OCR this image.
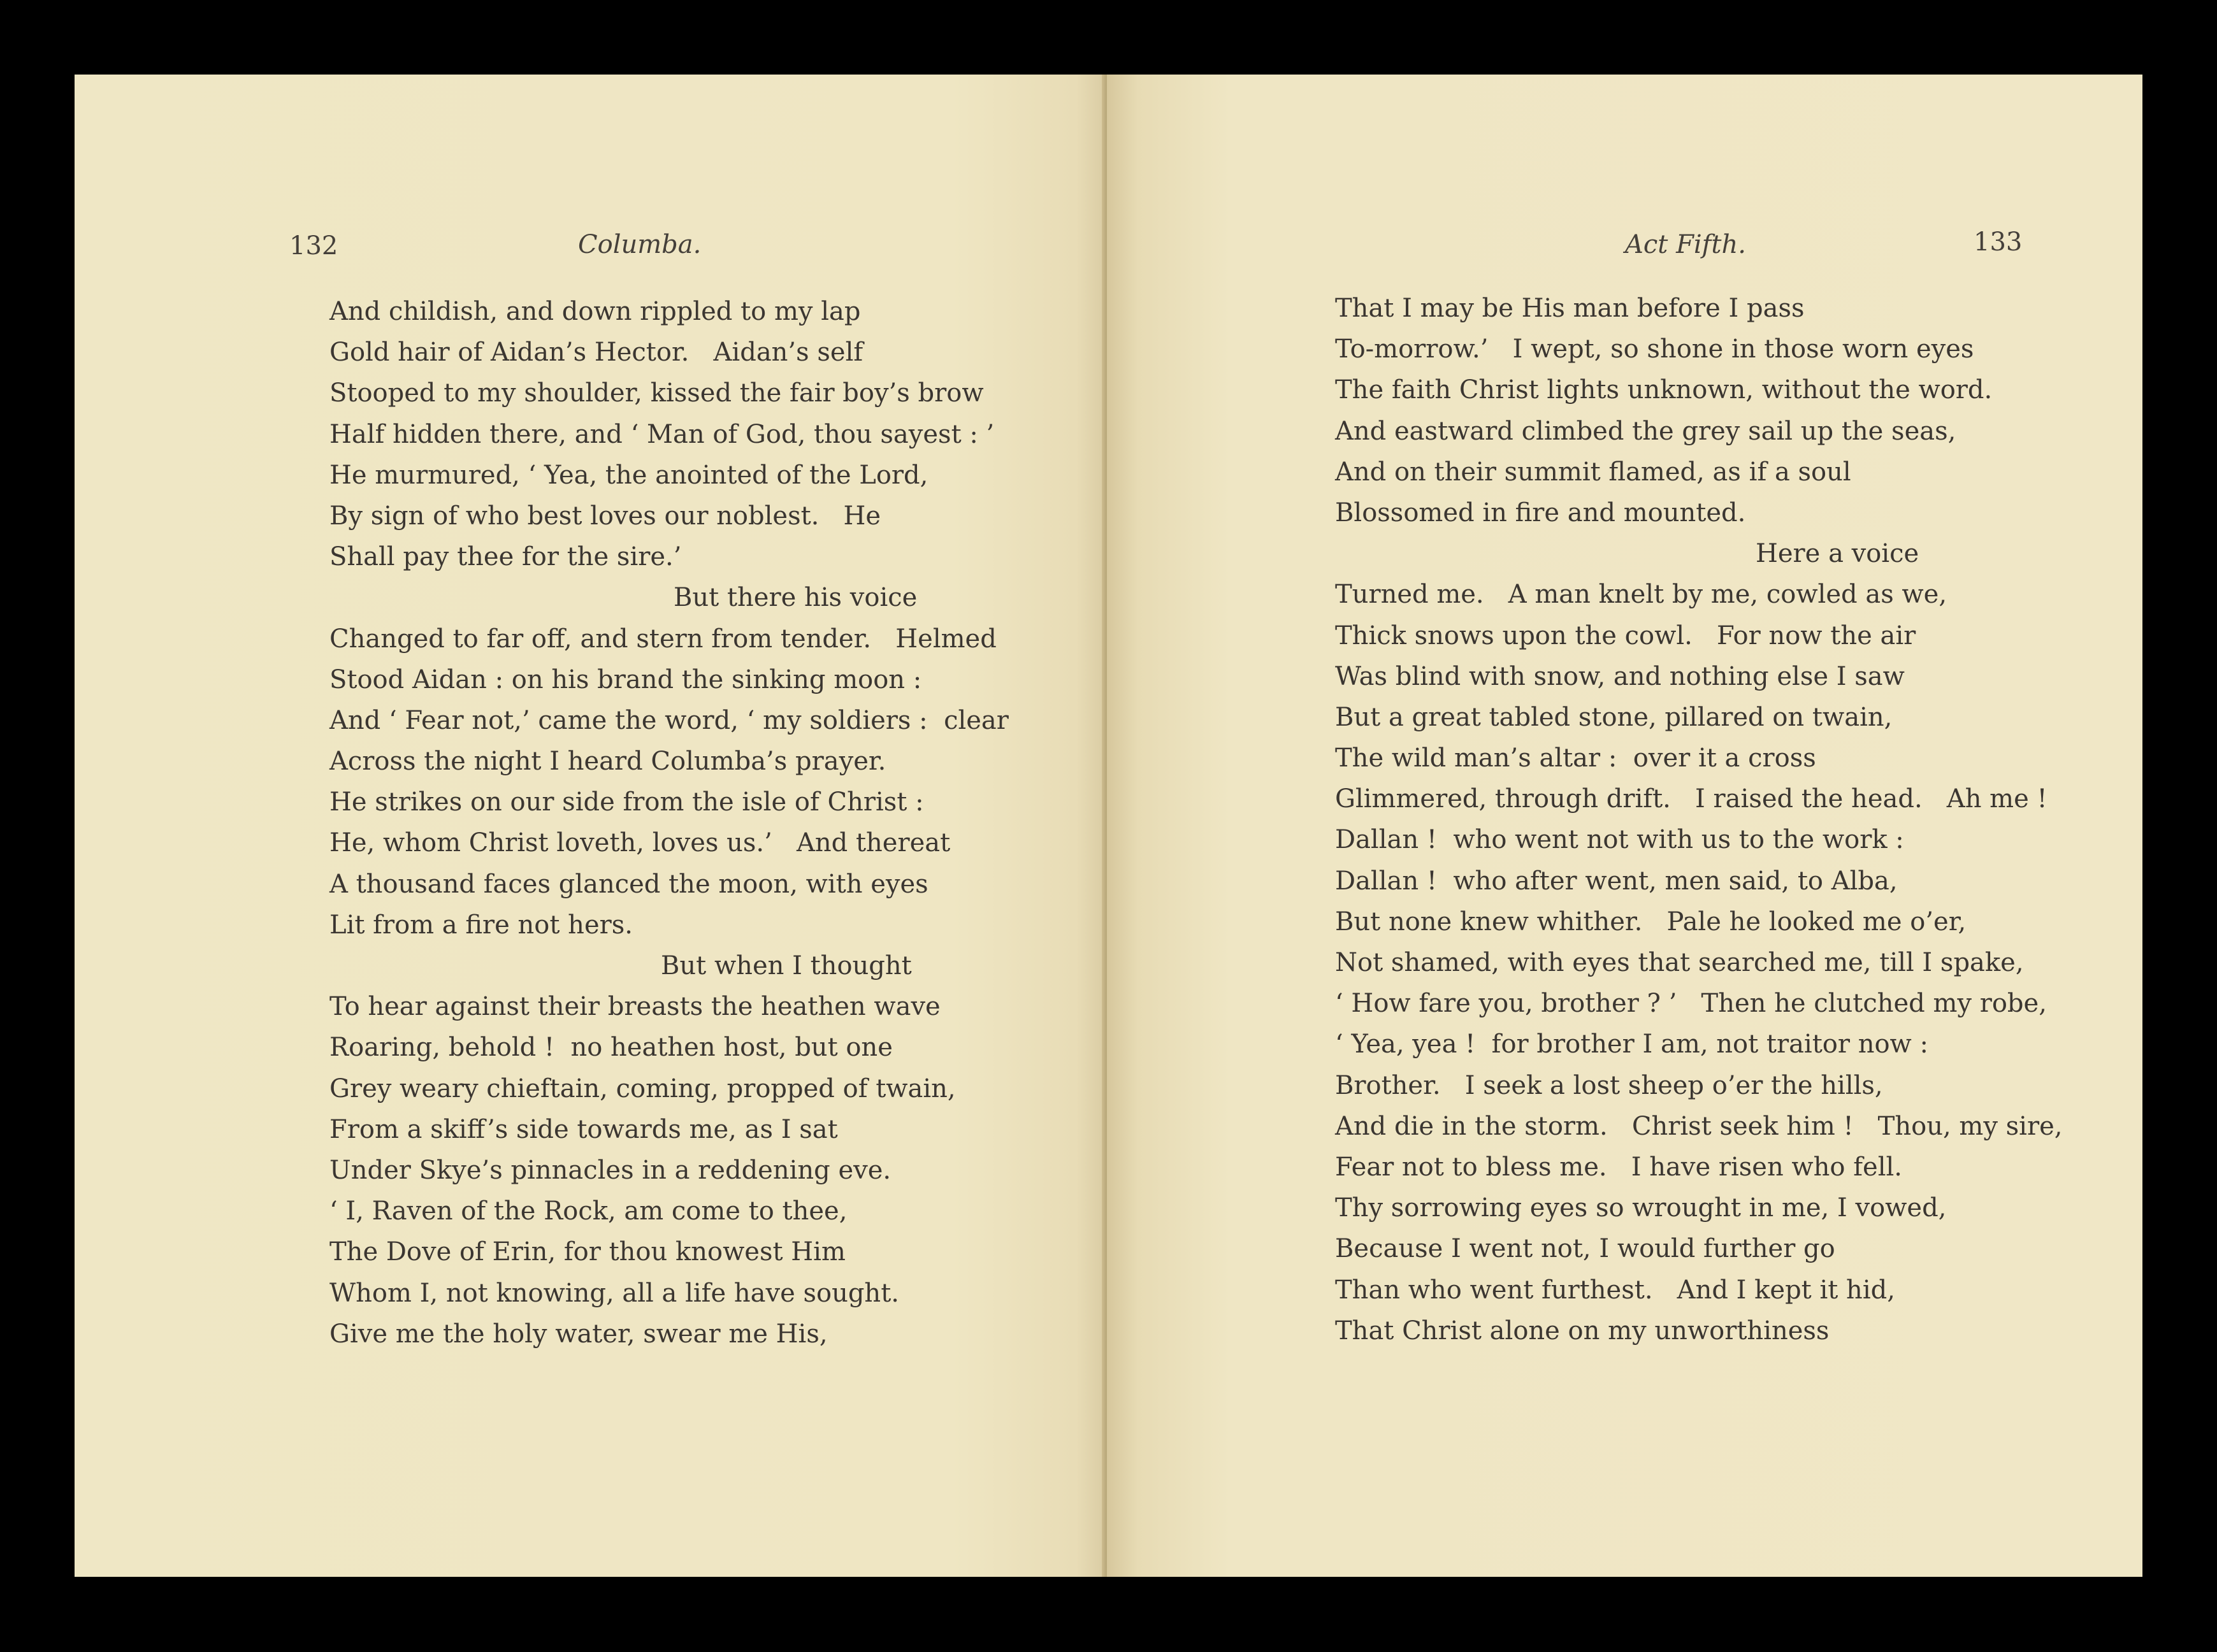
132	Columba.
And childish, and down rippled to my lap
Gold hair of Aidan’s Hector.   Aidan’s self
Stooped to my shoulder, kissed the fair boy’s brow
Half hidden there, and ‘ Man of God, thou sayest : ’
He murmured, ‘ Yea, the anointed of the Lord,
By sign of who best loves our noblest.   He
Shall pay thee for the sire.’
But there his voice
Changed to far off, and stern from tender.   Helmed
Stood Aidan : on his brand the sinking moon :
And ‘ Fear not,’ came the word, ‘ my soldiers :  clear
Across the night I heard Columba’s prayer.
He strikes on our side from the isle of Christ :
He, whom Christ loveth, loves us.’   And thereat
A thousand faces glanced the moon, with eyes
Lit from a fire not hers.
But when I thought
To hear against their breasts the heathen wave
Roaring, behold !  no heathen host, but one
Grey weary chieftain, coming, propped of twain,
From a skiff’s side towards me, as I sat
Under Skye’s pinnacles in a reddening eve.
‘ I, Raven of the Rock, am come to thee,
The Dove of Erin, for thou knowest Him
Whom I, not knowing, all a life have sought.
Give me the holy water, swear me His,
Act Fifth.	133
That I may be His man before I pass
To-morrow.’   I wept, so shone in those worn eyes
The faith Christ lights unknown, without the word.
And eastward climbed the grey sail up the seas,
And on their summit flamed, as if a soul
Blossomed in fire and mounted.
Here a voice
Turned me.   A man knelt by me, cowled as we,
Thick snows upon the cowl.   For now the air
Was blind with snow, and nothing else I saw
But a great tabled stone, pillared on twain,
The wild man’s altar :  over it a cross
Glimmered, through drift.   I raised the head.   Ah me !
Dallan !  who went not with us to the work :
Dallan !  who after went, men said, to Alba,
But none knew whither.   Pale he looked me o’er,
Not shamed, with eyes that searched me, till I spake,
‘ How fare you, brother ? ’   Then he clutched my robe,
‘ Yea, yea !  for brother I am, not traitor now :
Brother.   I seek a lost sheep o’er the hills,
And die in the storm.   Christ seek him !   Thou, my sire,
Fear not to bless me.   I have risen who fell.
Thy sorrowing eyes so wrought in me, I vowed,
Because I went not, I would further go
Than who went furthest.   And I kept it hid,
That Christ alone on my unworthiness
